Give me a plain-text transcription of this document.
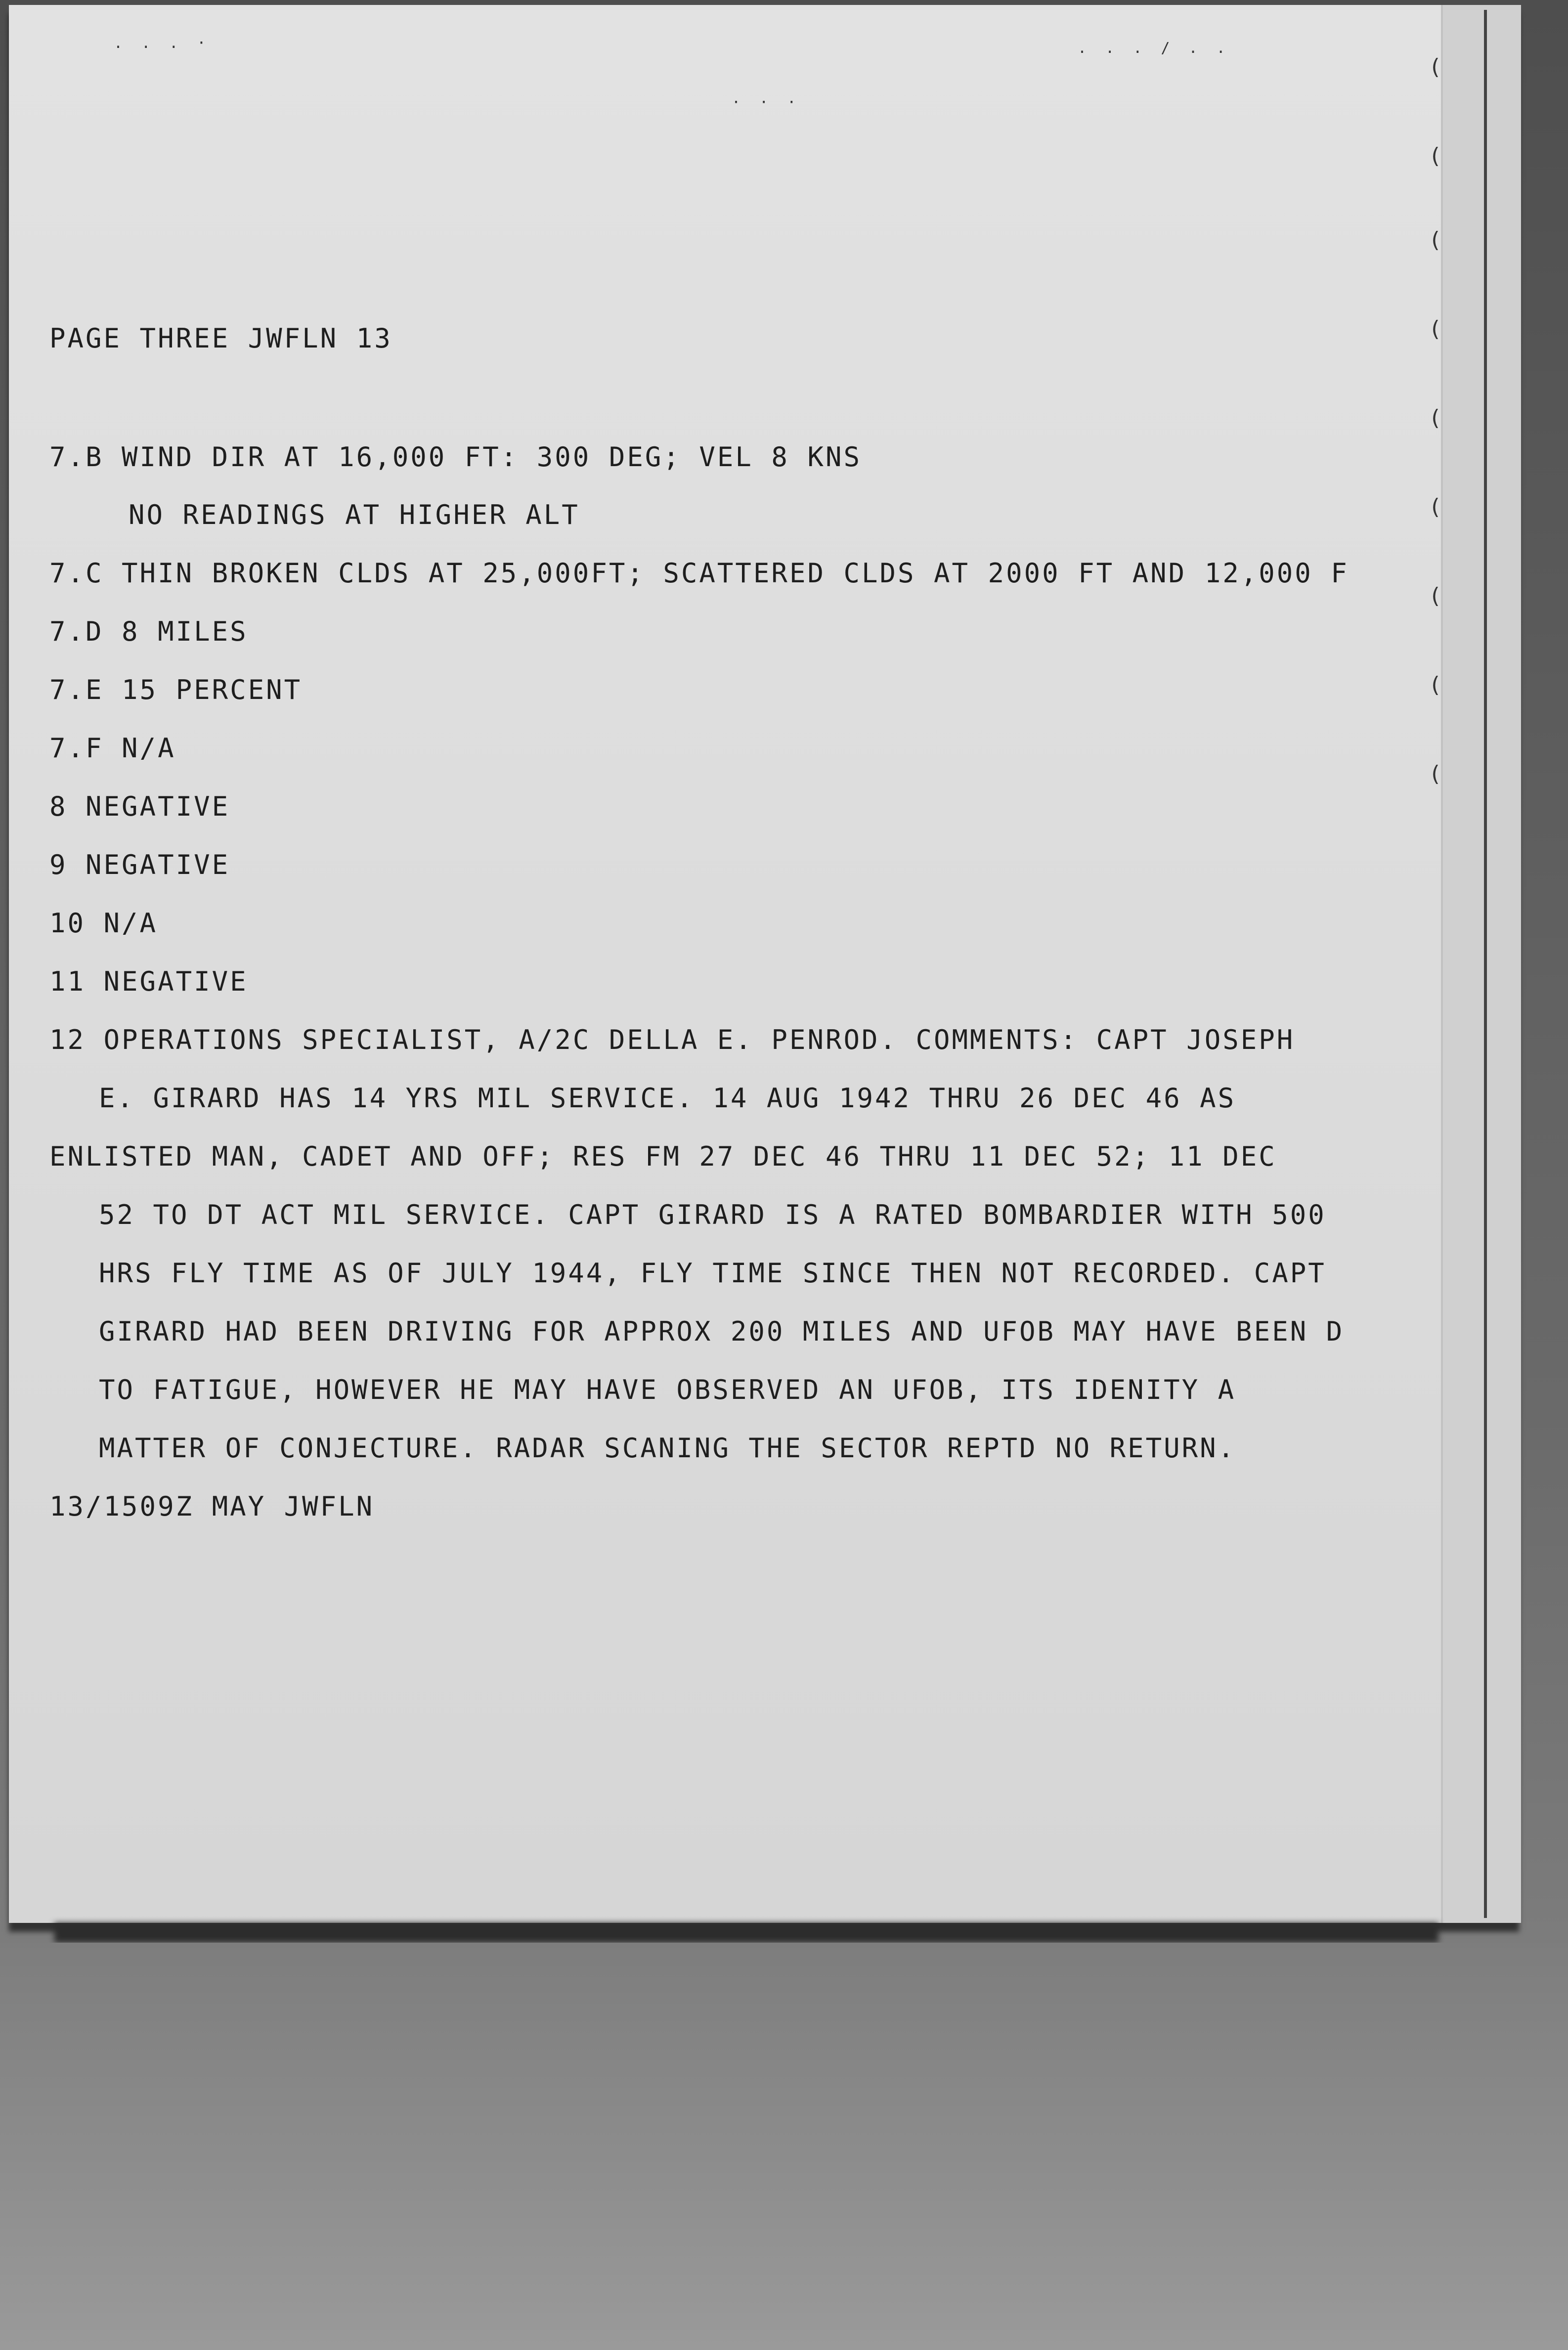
. . . ·
· · ·
. . . / . .
(
(
(
(
(
(
(
(
(

PAGE THREE JWFLN 13

7.B WIND DIR AT 16,000 FT: 300 DEG; VEL 8 KNS

NO READINGS AT HIGHER ALT

7.C THIN BROKEN CLDS AT 25,000FT; SCATTERED CLDS AT 2000 FT AND 12,000 F

7.D 8 MILES

7.E 15 PERCENT

7.F N/A

8 NEGATIVE

9 NEGATIVE

10 N/A

11 NEGATIVE

12 OPERATIONS SPECIALIST, A/2C DELLA E. PENROD. COMMENTS: CAPT JOSEPH

E. GIRARD HAS 14 YRS MIL SERVICE. 14 AUG 1942 THRU 26 DEC 46 AS

ENLISTED MAN, CADET AND OFF; RES FM 27 DEC 46 THRU 11 DEC 52; 11 DEC

52 TO DT ACT MIL SERVICE. CAPT GIRARD IS A RATED BOMBARDIER WITH 500

HRS FLY TIME AS OF JULY 1944, FLY TIME SINCE THEN NOT RECORDED. CAPT

GIRARD HAD BEEN DRIVING FOR APPROX 200 MILES AND UFOB MAY HAVE BEEN D

TO FATIGUE, HOWEVER HE MAY HAVE OBSERVED AN UFOB, ITS IDENITY A

MATTER OF CONJECTURE. RADAR SCANING THE SECTOR REPTD NO RETURN.

13/1509Z MAY JWFLN
